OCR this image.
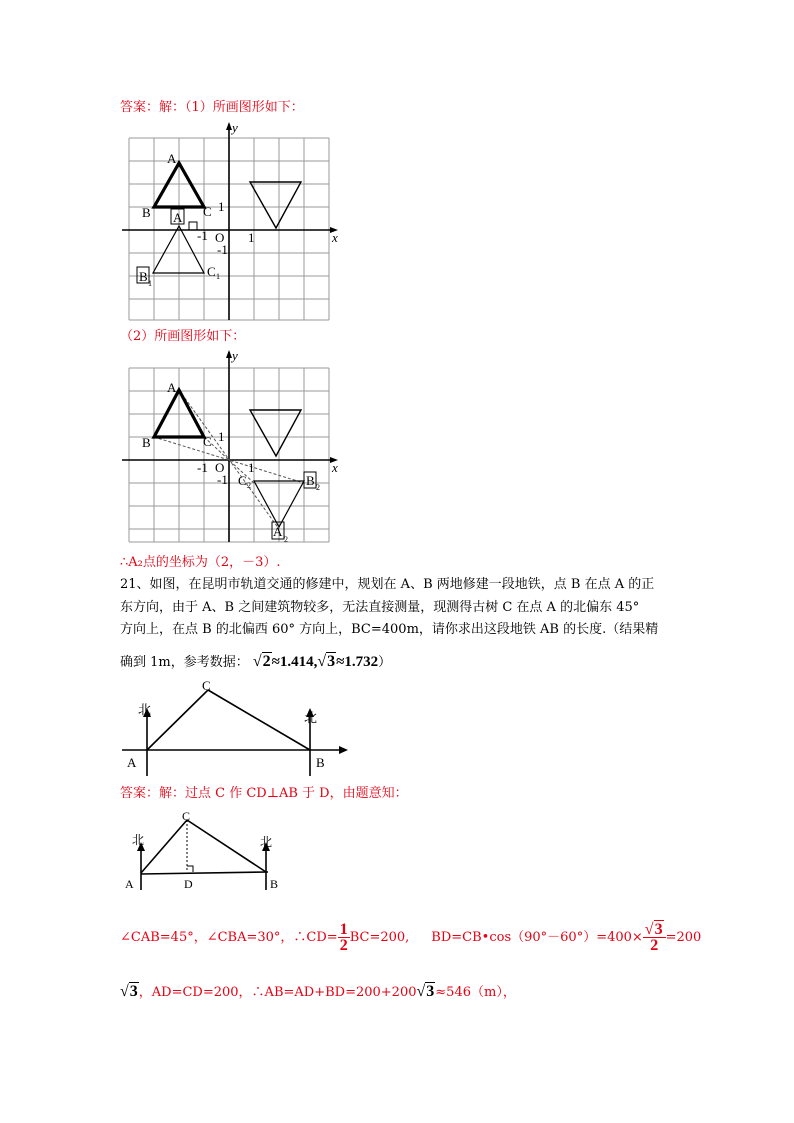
答案：解：（1）所画图形如下：
A
B	C
A
B 1
C 1
y
x
O 1
1
-1
-1
（2）所画图形如下：
A
B	C
C 2	B 2
A
2
y
x
O 1
1
-1
-1
∴A₂点的坐标为（2，－3）.
21、如图，在昆明市轨道交通的修建中，规划在 A、B 两地修建一段地铁，点 B 在点 A 的正
东方向，由于 A、B 之间建筑物较多，无法直接测量，现测得古树 C 在点 A 的北偏东 45°
方向上，在点 B 的北偏西 60° 方向上，BC=400m，请你求出这段地铁 AB 的长度.（结果精
确到 1m，参考数据： √2≈1.414,√3≈1.732）
北
北
A	B
C
答案：解：过点 C 作 CD⊥AB 于 D，由题意知：
北	北
A	B
C
D
∠CAB=45°，∠CBA=30°，∴CD= $\frac{1}{2} BC=200$, BD=CB•cos（90°－60°）=400× $\frac{√3}{2} =200$
√3，AD=CD=200，∴AB=AD+BD=200+200√3≈546（m），
